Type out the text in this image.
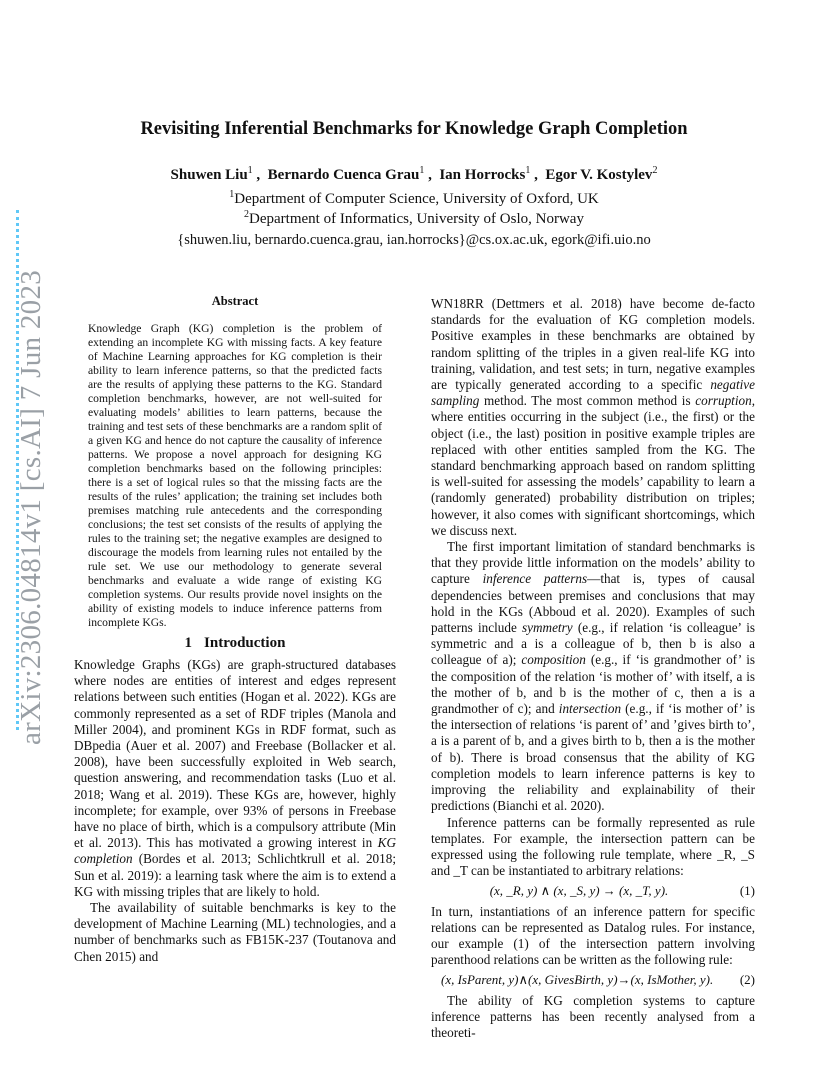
arXiv:2306.04814v1 [cs.AI] 7 Jun 2023
Revisiting Inferential Benchmarks for Knowledge Graph Completion
Shuwen Liu$^1$ ,  Bernardo Cuenca Grau$^1$ ,  Ian Horrocks$^1$ ,  Egor V. Kostylev$^2$
$^1$Department of Computer Science, University of Oxford, UK
$^2$Department of Informatics, University of Oslo, Norway
{shuwen.liu, bernardo.cuenca.grau, ian.horrocks}@cs.ox.ac.uk, egork@ifi.uio.no
Abstract
Knowledge Graph (KG) completion is the problem of extending an incomplete KG with missing facts. A key feature of Machine Learning approaches for KG completion is their ability to learn inference patterns, so that the predicted facts are the results of applying these patterns to the KG. Standard completion benchmarks, however, are not well-suited for evaluating models’ abilities to learn patterns, because the training and test sets of these benchmarks are a random split of a given KG and hence do not capture the causality of inference patterns. We propose a novel approach for designing KG completion benchmarks based on the following principles: there is a set of logical rules so that the missing facts are the results of the rules’ application; the training set includes both premises matching rule antecedents and the corresponding conclusions; the test set consists of the results of applying the rules to the training set; the negative examples are designed to discourage the models from learning rules not entailed by the rule set. We use our methodology to generate several benchmarks and evaluate a wide range of existing KG completion systems. Our results provide novel insights on the ability of existing models to induce inference patterns from incomplete KGs.
1 Introduction

Knowledge Graphs (KGs) are graph-structured databases where nodes are entities of interest and edges represent relations between such entities (Hogan et al. 2022). KGs are commonly represented as a set of RDF triples (Manola and Miller 2004), and prominent KGs in RDF format, such as DBpedia (Auer et al. 2007) and Freebase (Bollacker et al. 2008), have been successfully exploited in Web search, question answering, and recommendation tasks (Luo et al. 2018; Wang et al. 2019). These KGs are, however, highly incomplete; for example, over 93% of persons in Freebase have no place of birth, which is a compulsory attribute (Min et al. 2013). This has motivated a growing interest in KG completion (Bordes et al. 2013; Schlichtkrull et al. 2018; Sun et al. 2019): a learning task where the aim is to extend a KG with missing triples that are likely to hold.

The availability of suitable benchmarks is key to the development of Machine Learning (ML) technologies, and a number of benchmarks such as FB15K-237 (Toutanova and Chen 2015) and

WN18RR (Dettmers et al. 2018) have become de-facto standards for the evaluation of KG completion models. Positive examples in these benchmarks are obtained by random splitting of the triples in a given real-life KG into training, validation, and test sets; in turn, negative examples are typically generated according to a specific negative sampling method. The most common method is corruption, where entities occurring in the subject (i.e., the first) or the object (i.e., the last) position in positive example triples are replaced with other entities sampled from the KG. The standard benchmarking approach based on random splitting is well-suited for assessing the models’ capability to learn a (randomly generated) probability distribution on triples; however, it also comes with significant shortcomings, which we discuss next.

The first important limitation of standard benchmarks is that they provide little information on the models’ ability to capture inference patterns—that is, types of causal dependencies between premises and conclusions that may hold in the KGs (Abboud et al. 2020). Examples of such patterns include symmetry (e.g., if relation ‘is colleague’ is symmetric and a is a colleague of b, then b is also a colleague of a); composition (e.g., if ‘is grandmother of’ is the composition of the relation ‘is mother of’ with itself, a is the mother of b, and b is the mother of c, then a is a grandmother of c); and intersection (e.g., if ‘is mother of’ is the intersection of relations ‘is parent of’ and ’gives birth to’, a is a parent of b, and a gives birth to b, then a is the mother of b). There is broad consensus that the ability of KG completion models to learn inference patterns is key to improving the reliability and explainability of their predictions (Bianchi et al. 2020).

Inference patterns can be formally represented as rule templates. For example, the intersection pattern can be expressed using the following rule template, where _R, _S and _T can be instantiated to arbitrary relations:

(x, _R, y) ∧ (x, _S, y) → (x, _T, y).	(1)

In turn, instantiations of an inference pattern for specific relations can be represented as Datalog rules. For instance, our example (1) of the intersection pattern involving parenthood relations can be written as the following rule:

(x, IsParent, y)∧(x, GivesBirth, y)→(x, IsMother, y).	(2)

The ability of KG completion systems to capture inference patterns has been recently analysed from a theoreti-
